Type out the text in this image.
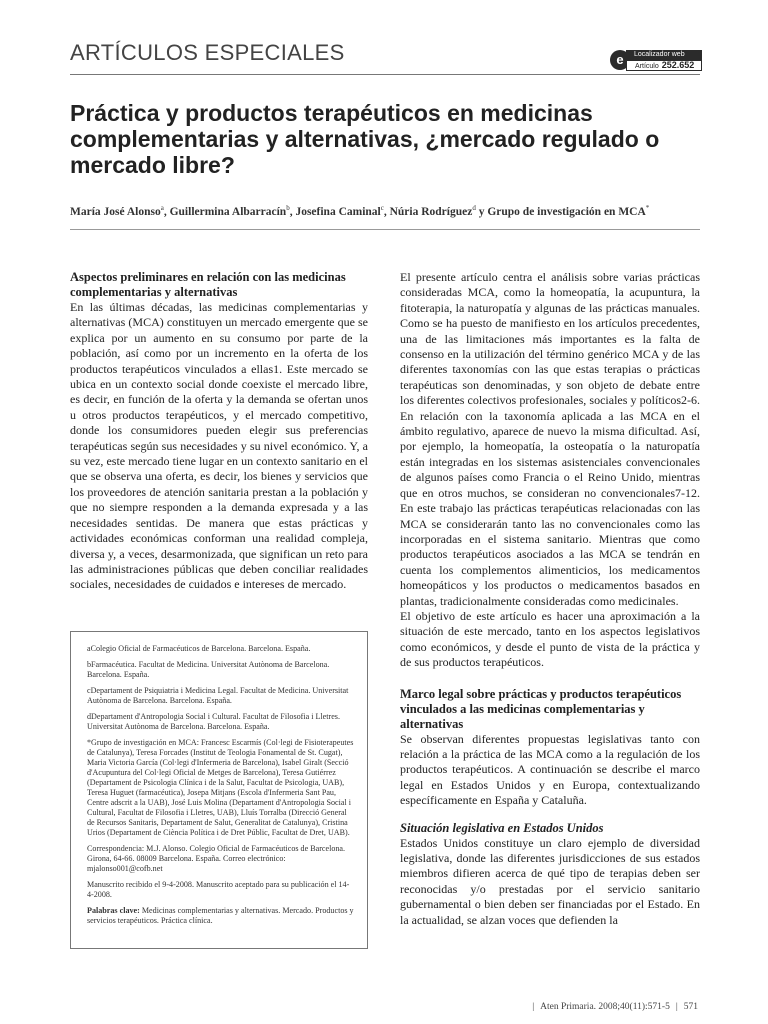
ARTÍCULOS ESPECIALES	e	Localizador web
Artículo 252.652
Práctica y productos terapéuticos en medicinas complementarias y alternativas, ¿mercado regulado o mercado libre?
María José Alonso$^a$, Guillermina Albarracín$^b$, Josefina Caminal$^c$, Núria Rodríguez$^d$ y Grupo de investigación en MCA*
Aspectos preliminares en relación con las medicinas complementarias y alternativas

En las últimas décadas, las medicinas complementarias y alternativas (MCA) constituyen un mercado emergente que se explica por un aumento en su consumo por parte de la población, así como por un incremento en la oferta de los productos terapéuticos vinculados a ellas1. Este mercado se ubica en un contexto social donde coexiste el mercado libre, es decir, en función de la oferta y la demanda se ofertan unos u otros productos terapéuticos, y el mercado competitivo, donde los consumidores pueden elegir sus preferencias terapéuticas según sus necesidades y su nivel económico. Y, a su vez, este mercado tiene lugar en un contexto sanitario en el que se observa una oferta, es decir, los bienes y servicios que los proveedores de atención sanitaria prestan a la población y que no siempre responden a la demanda expresada y a las necesidades sentidas. De manera que estas prácticas y actividades económicas conforman una realidad compleja, diversa y, a veces, desarmonizada, que significan un reto para las administraciones públicas que deben conciliar realidades sociales, necesidades de cuidados e intereses de mercado.

aColegio Oficial de Farmacéuticos de Barcelona. Barcelona. España.

bFarmacéutica. Facultat de Medicina. Universitat Autònoma de Barcelona. Barcelona. España.

cDepartament de Psiquiatria i Medicina Legal. Facultat de Medicina. Universitat Autònoma de Barcelona. Barcelona. España.

dDepartament d'Antropologia Social i Cultural. Facultat de Filosofia i Lletres. Universitat Autònoma de Barcelona. Barcelona. España.

*Grupo de investigación en MCA: Francesc Escarmís (Col·legi de Fisioterapeutes de Catalunya), Teresa Forcades (Institut de Teologia Fonamental de St. Cugat), Maria Victoria García (Col·legi d'Infermeria de Barcelona), Isabel Giralt (Secció d'Acupuntura del Col·legi Oficial de Metges de Barcelona), Teresa Gutiérrez (Departament de Psicologia Clínica i de la Salut, Facultat de Psicologia, UAB), Teresa Huguet (farmacéutica), Josepa Mitjans (Escola d'Infermeria Sant Pau, Centre adscrit a la UAB), José Luis Molina (Departament d'Antropologia Social i Cultural, Facultat de Filosofia i Lletres, UAB), Lluís Torralba (Direcció General de Recursos Sanitaris, Departament de Salut, Generalitat de Catalunya), Cristina Urios (Departament de Ciència Política i de Dret Públic, Facultat de Dret, UAB).

Correspondencia: M.J. Alonso. Colegio Oficial de Farmacéuticos de Barcelona. Girona, 64-66. 08009 Barcelona. España. Correo electrónico: mjalonso001@cofb.net

Manuscrito recibido el 9-4-2008. Manuscrito aceptado para su publicación el 14-4-2008.

Palabras clave: Medicinas complementarias y alternativas. Mercado. Productos y servicios terapéuticos. Práctica clínica.

El presente artículo centra el análisis sobre varias prácticas consideradas MCA, como la homeopatía, la acupuntura, la fitoterapia, la naturopatía y algunas de las prácticas manuales. Como se ha puesto de manifiesto en los artículos precedentes, una de las limitaciones más importantes es la falta de consenso en la utilización del término genérico MCA y de las diferentes taxonomías con las que estas terapias o prácticas terapéuticas son denominadas, y son objeto de debate entre los diferentes colectivos profesionales, sociales y políticos2-6. En relación con la taxonomía aplicada a las MCA en el ámbito regulativo, aparece de nuevo la misma dificultad. Así, por ejemplo, la homeopatía, la osteopatía o la naturopatía están integradas en los sistemas asistenciales convencionales de algunos países como Francia o el Reino Unido, mientras que en otros muchos, se consideran no convencionales7-12. En este trabajo las prácticas terapéuticas relacionadas con las MCA se considerarán tanto las no convencionales como las incorporadas en el sistema sanitario. Mientras que como productos terapéuticos asociados a las MCA se tendrán en cuenta los complementos alimenticios, los medicamentos homeopáticos y los productos o medicamentos basados en plantas, tradicionalmente consideradas como medicinales.

El objetivo de este artículo es hacer una aproximación a la situación de este mercado, tanto en los aspectos legislativos como económicos, y desde el punto de vista de la práctica y de sus productos terapéuticos.

Marco legal sobre prácticas y productos terapéuticos vinculados a las medicinas complementarias y alternativas

Se observan diferentes propuestas legislativas tanto con relación a la práctica de las MCA como a la regulación de los productos terapéuticos. A continuación se describe el marco legal en Estados Unidos y en Europa, contextualizando específicamente en España y Cataluña.

Situación legislativa en Estados Unidos

Estados Unidos constituye un claro ejemplo de diversidad legislativa, donde las diferentes jurisdicciones de sus estados miembros difieren acerca de qué tipo de terapias deben ser reconocidas y/o prestadas por el servicio sanitario gubernamental o bien deben ser financiadas por el Estado. En la actualidad, se alzan voces que defienden la

| Aten Primaria. 2008;40(11):571-5 | 571
